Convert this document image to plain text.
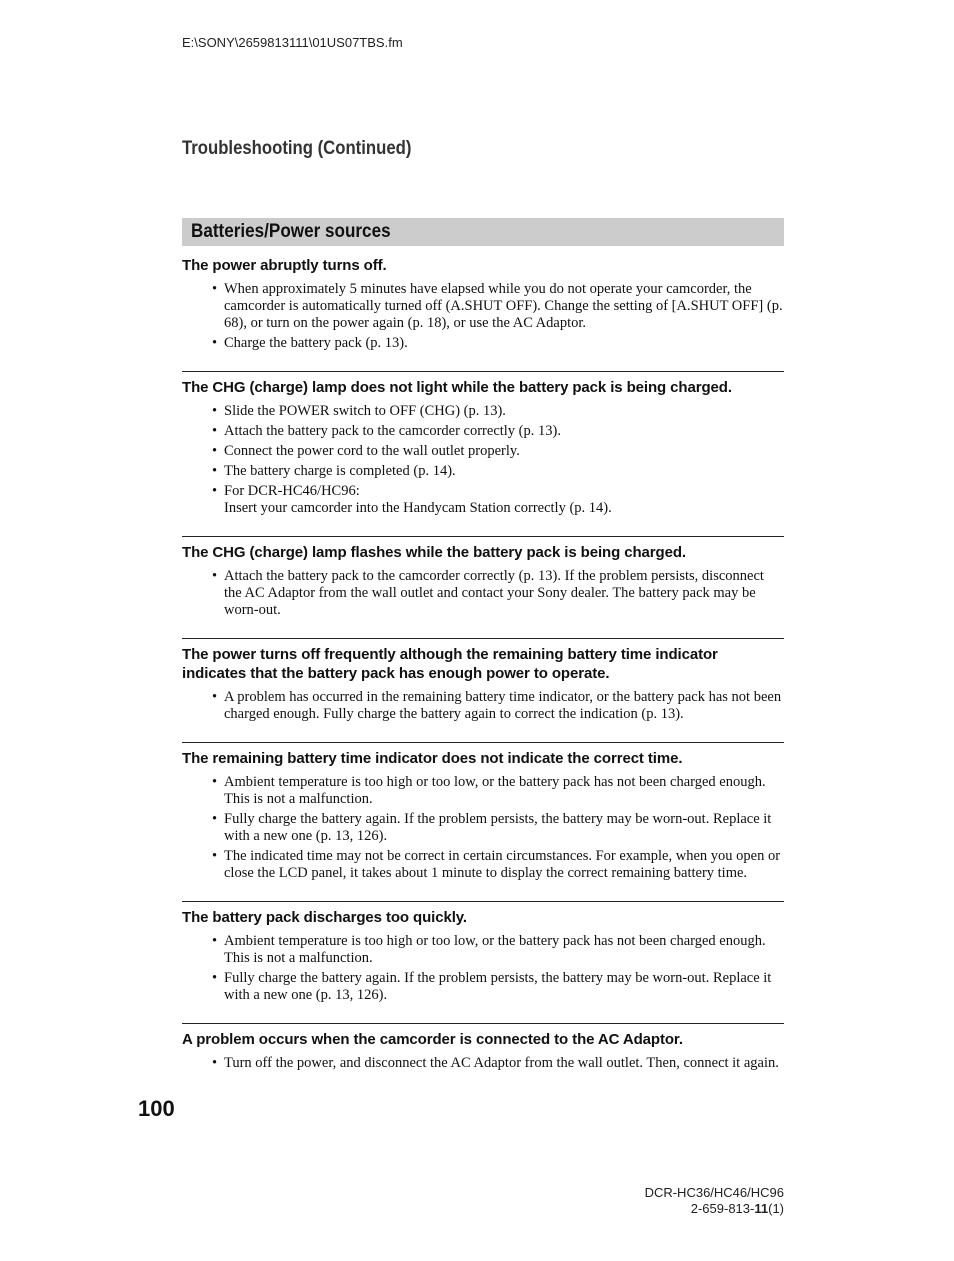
E:\SONY\2659813111\01US07TBS.fm
Troubleshooting (Continued)
Batteries/Power sources

The power abruptly turns off.

• When approximately 5 minutes have elapsed while you do not operate your camcorder, the camcorder is automatically turned off (A.SHUT OFF). Change the setting of [A.SHUT OFF] (p. 68), or turn on the power again (p. 18), or use the AC Adaptor.
• Charge the battery pack (p. 13).

The CHG (charge) lamp does not light while the battery pack is being charged.

• Slide the POWER switch to OFF (CHG) (p. 13).
• Attach the battery pack to the camcorder correctly (p. 13).
• Connect the power cord to the wall outlet properly.
• The battery charge is completed (p. 14).
• For DCR-HC46/HC96:
Insert your camcorder into the Handycam Station correctly (p. 14).

The CHG (charge) lamp flashes while the battery pack is being charged.

• Attach the battery pack to the camcorder correctly (p. 13). If the problem persists, disconnect the AC Adaptor from the wall outlet and contact your Sony dealer. The battery pack may be worn-out.

The power turns off frequently although the remaining battery time indicator indicates that the battery pack has enough power to operate.

• A problem has occurred in the remaining battery time indicator, or the battery pack has not been charged enough. Fully charge the battery again to correct the indication (p. 13).

The remaining battery time indicator does not indicate the correct time.

• Ambient temperature is too high or too low, or the battery pack has not been charged enough. This is not a malfunction.
• Fully charge the battery again. If the problem persists, the battery may be worn-out. Replace it with a new one (p. 13, 126).
• The indicated time may not be correct in certain circumstances. For example, when you open or close the LCD panel, it takes about 1 minute to display the correct remaining battery time.

The battery pack discharges too quickly.

• Ambient temperature is too high or too low, or the battery pack has not been charged enough. This is not a malfunction.
• Fully charge the battery again. If the problem persists, the battery may be worn-out. Replace it with a new one (p. 13, 126).

A problem occurs when the camcorder is connected to the AC Adaptor.

• Turn off the power, and disconnect the AC Adaptor from the wall outlet. Then, connect it again.
100
DCR-HC36/HC46/HC96
2-659-813-11(1)
